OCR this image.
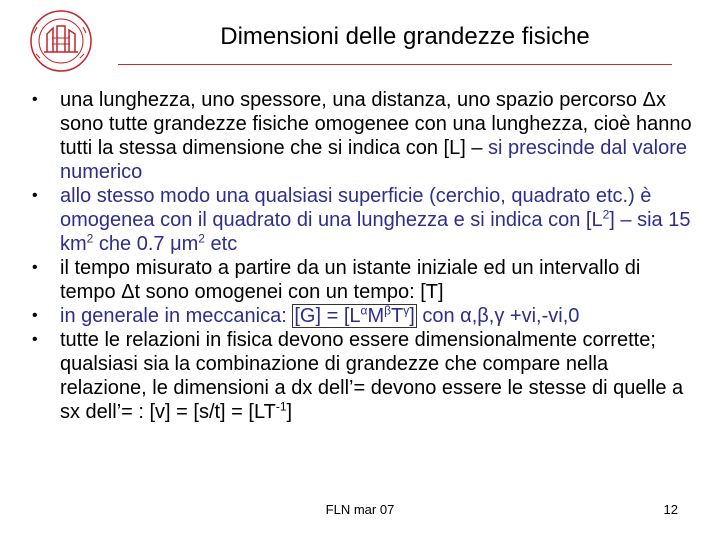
Dimensioni delle grandezze fisiche
• una lunghezza, uno spessore, una distanza, uno spazio percorso Δx sono tutte grandezze fisiche omogenee con una lunghezza, cioè hanno tutti la stessa dimensione che si indica con [L] – si prescinde dal valore numerico
• allo stesso modo una qualsiasi superficie (cerchio, quadrato etc.) è omogenea con il quadrato di una lunghezza e si indica con $[L^2]$ – sia 15 $km^2$ che 0.7 $\mu m^2$ etc
• il tempo misurato a partire da un istante iniziale ed un intervallo di tempo Δt sono omogenei con un tempo: [T]
• in generale in meccanica: $[G] = [L^\alpha M^\beta T^\gamma]$ con α,β,γ +vi,-vi,0
• tutte le relazioni in fisica devono essere dimensionalmente corrette; qualsiasi sia la combinazione di grandezze che compare nella relazione, le dimensioni a dx dell’= devono essere le stesse di quelle a sx dell’= : $[v] = [s/t] = [LT^{-1}]$
FLN mar 07	12
